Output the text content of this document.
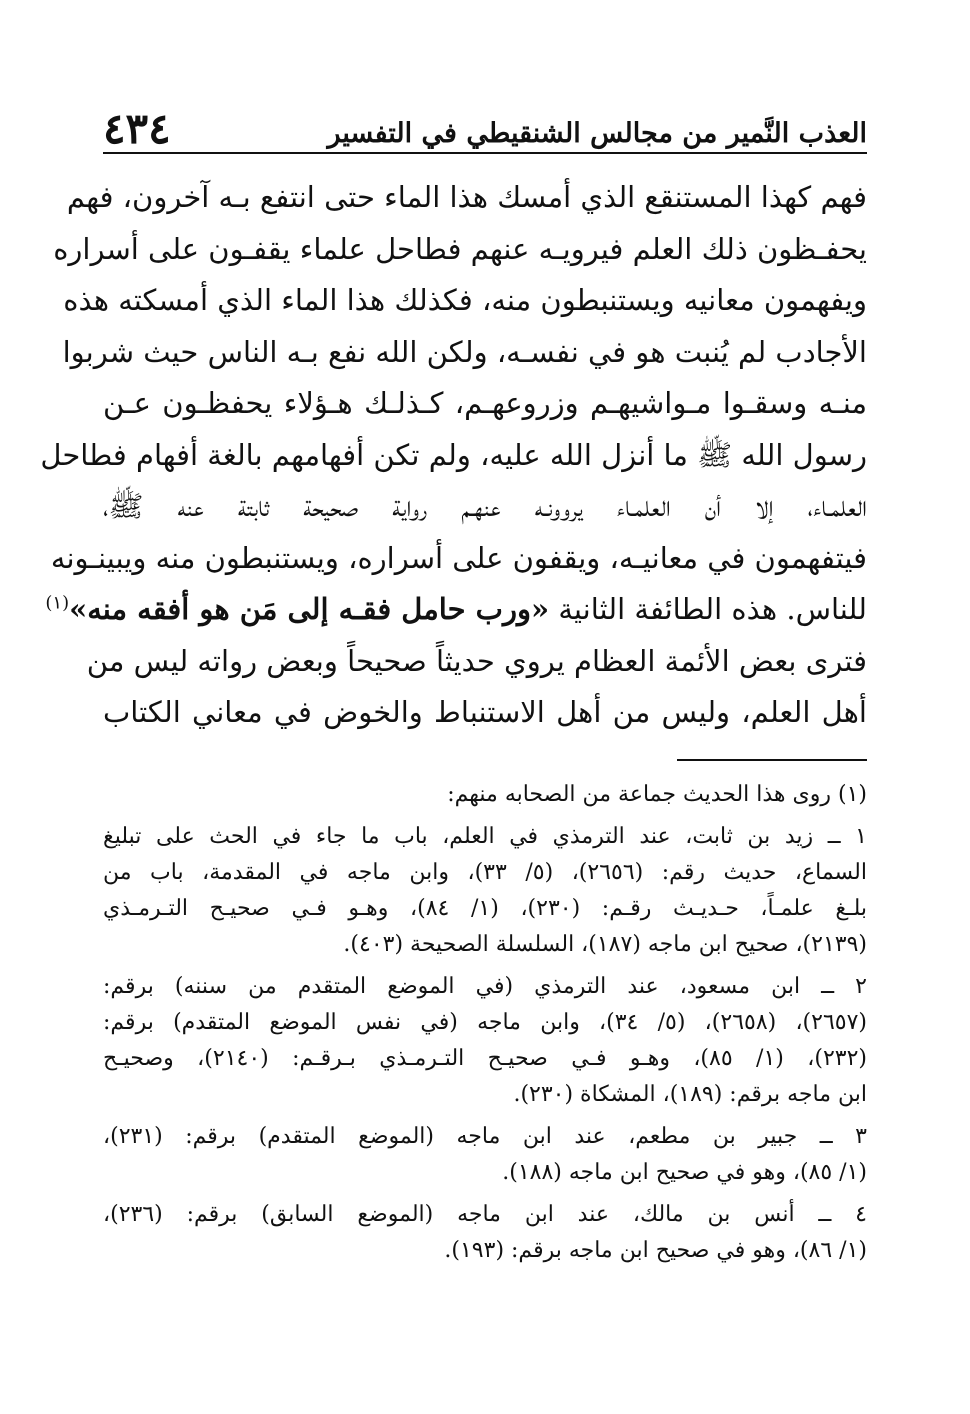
العذب النَّمير من مجالس الشنقيطي في التفسير
٤٣٤
فهم كهذا المستنقع الذي أمسك هذا الماء حتى انتفع بـه آخرون، فهم
يحفـظون ذلك العلم فيرويـه عنهم فطاحل علماء يقفـون على أسراره
ويفهمون معانيه ويستنبطون منه، فكذلك هذا الماء الذي أمسكته هذه
الأجادب لم يُنبت هو في نفسـه، ولكن الله نفع بـه الناس حيث شربوا
منـه وسقـوا مـواشيهـم وزروعهـم، كـذلـك هـؤلاء يحفظـون عـن
رسول الله ﷺ ما أنزل الله عليه، ولم تكن أفهامهم بالغة أفهام فطاحل
العلمـاء، إلا أن العلمـاء يروونـه عنهـم رواية صحيحة ثابتة عنه ﷺ،
فيتفهمون في معانيـه، ويقفون على أسراره، ويستنبطون منه ويبينـونه
للناس. هذه الطائفة الثانية «ورب حامل فقـه إلى مَن هو أفقه منه»$^{(١)}$
فترى بعض الأئمة العظام يروي حديثاً صحيحاً وبعض رواته ليس من
أهل العلم، وليس من أهل الاستنباط والخوض في معاني الكتاب
(١) روى هذا الحديث جماعة من الصحابه منهم:
١ ــ زيد بن ثابت، عند الترمذي في العلم، باب ما جاء في الحث على تبليغ
السماع، حديث رقم: (٢٦٥٦)، (٥/ ٣٣)، وابن ماجه في المقدمة، باب من
بلـغ علمـاً، حـديـث رقـم: (٢٣٠)، (١/ ٨٤)، وهـو فـي صحيـح التـرمـذي
(٢١٣٩)، صحيح ابن ماجه (١٨٧)، السلسلة الصحيحة (٤٠٣).
٢ ــ ابن مسعود، عند الترمذي (في الموضع المتقدم من سننه) برقم:
(٢٦٥٧)، (٢٦٥٨)، (٥/ ٣٤)، وابن ماجه (في نفس الموضع المتقدم) برقم:
(٢٣٢)، (١/ ٨٥)، وهـو فـي صحيـح التـرمـذي بـرقـم: (٢١٤٠)، وصحيـح
ابن ماجه برقم: (١٨٩)، المشكاة (٢٣٠).
٣ ــ جبير بن مطعم، عند ابن ماجه (الموضع المتقدم) برقم: (٢٣١)،
(١/ ٨٥)، وهو في صحيح ابن ماجه (١٨٨).
٤ ــ أنس بن مالك، عند ابن ماجه (الموضع السابق) برقم: (٢٣٦)،
(١/ ٨٦)، وهو في صحيح ابن ماجه برقم: (١٩٣).
